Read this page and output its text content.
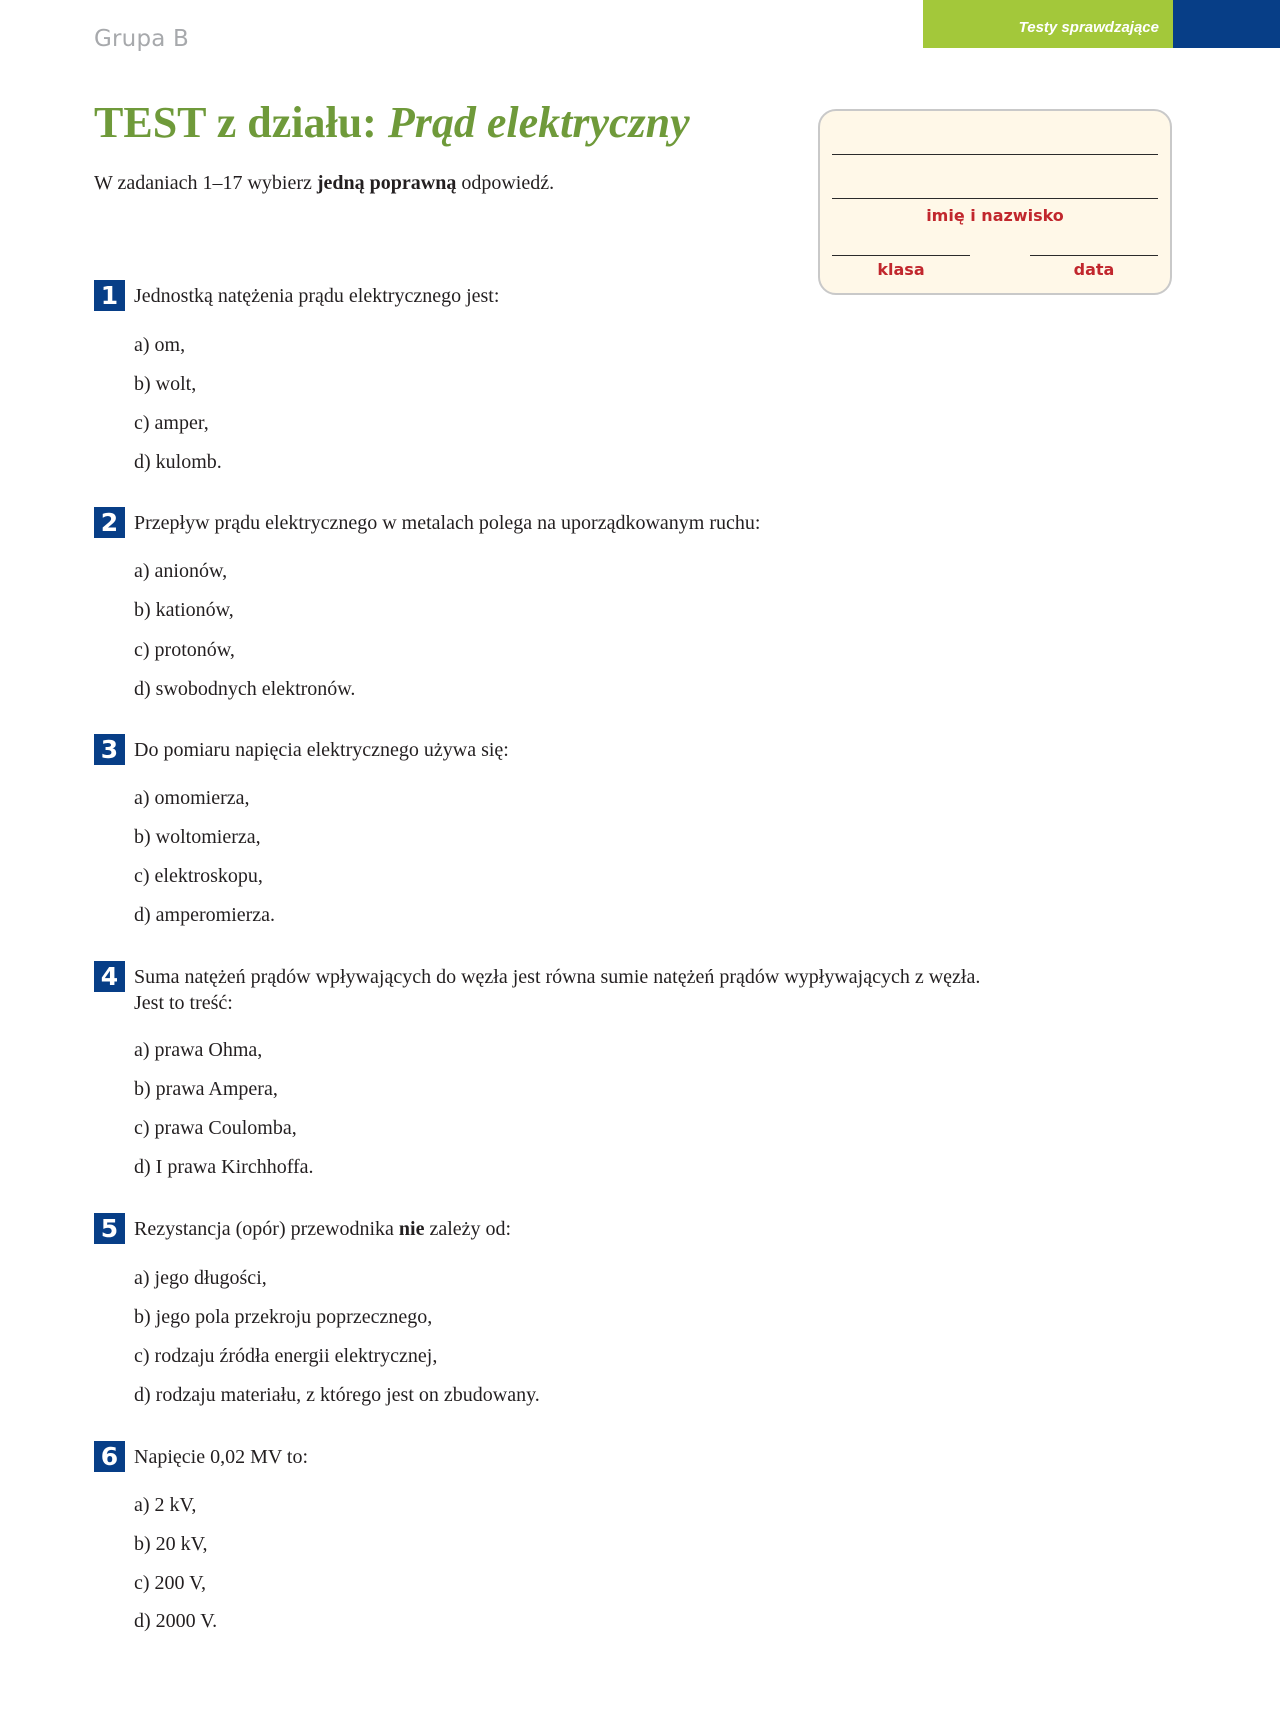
Grupa B	Testy sprawdzające
TEST z działu: Prąd elektryczny
W zadaniach 1–17 wybierz jedną poprawną odpowiedź.
imię i nazwisko
klasa	data
1 Jednostką natężenia prądu elektrycznego jest:
a) om,
b) wolt,
c) amper,
d) kulomb.
2 Przepływ prądu elektrycznego w metalach polega na uporządkowanym ruchu:
a) anionów,
b) kationów,
c) protonów,
d) swobodnych elektronów.
3 Do pomiaru napięcia elektrycznego używa się:
a) omomierza,
b) woltomierza,
c) elektroskopu,
d) amperomierza.
4 Suma natężeń prądów wpływających do węzła jest równa sumie natężeń prądów wypływających z węzła.
Jest to treść:
a) prawa Ohma,
b) prawa Ampera,
c) prawa Coulomba,
d) I prawa Kirchhoffa.
5 Rezystancja (opór) przewodnika nie zależy od:
a) jego długości,
b) jego pola przekroju poprzecznego,
c) rodzaju źródła energii elektrycznej,
d) rodzaju materiału, z którego jest on zbudowany.
6 Napięcie 0,02 MV to:
a) 2 kV,
b) 20 kV,
c) 200 V,
d) 2000 V.
